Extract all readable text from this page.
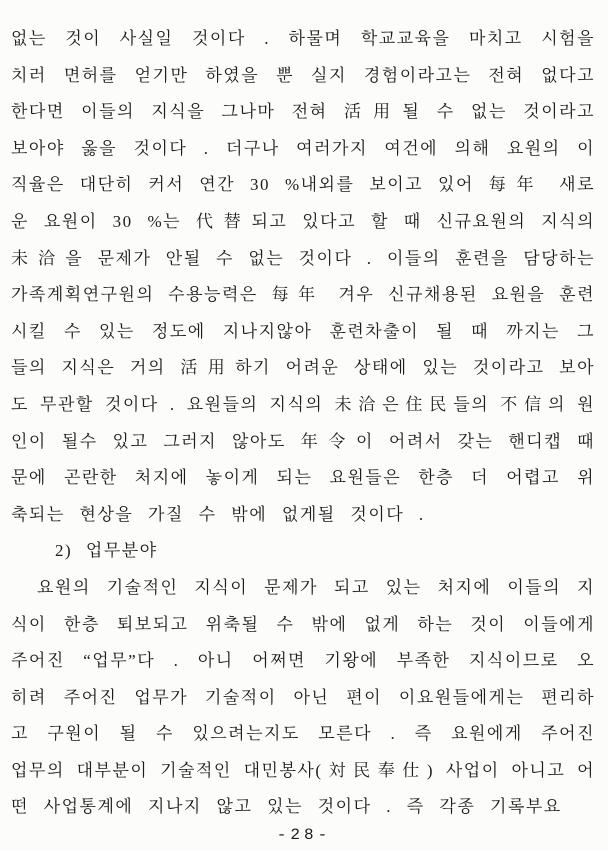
없는 것이 사실일 것이다 . 하물며 학교교육을 마치고 시험을
치러 면허를 얻기만 하였을 뿐 실지 경험이라고는 전혀 없다고
한다면 이들의 지식을 그나마 전혀 活用될 수 없는 것이라고
보아야 옳을 것이다 . 더구나 여러가지 여건에 의해 요원의 이
직율은 대단히 커서 연간 30 %내외를 보이고 있어 每年 새로
운 요원이 30 %는 代替되고 있다고 할 때 신규요원의 지식의
未洽을 문제가 안될 수 없는 것이다 . 이들의 훈련을 담당하는
가족계획연구원의 수용능력은 每年 겨우 신규채용된 요원을 훈련
시킬 수 있는 정도에 지나지않아 훈련차출이 될 때 까지는 그
들의 지식은 거의 活用하기 어려운 상태에 있는 것이라고 보아
도 무관할 것이다 . 요원들의 지식의 未洽은住民들의 不信의 원
인이 될수 있고 그러지 않아도 年令이 어려서 갖는 핸디캡 때
문에 곤란한 처지에 놓이게 되는 요원들은 한층 더 어렵고 위
축되는 현상을 가질 수 밖에 없게될 것이다 .
2) 업무분야
요원의 기술적인 지식이 문제가 되고 있는 처지에 이들의 지
식이 한층 퇴보되고 위축될 수 밖에 없게 하는 것이 이들에게
주어진 “업무”다 . 아니 어쩌면 기왕에 부족한 지식이므로 오
히려 주어진 업무가 기술적이 아닌 편이 이요원들에게는 편리하
고 구원이 될 수 있으려는지도 모른다 . 즉 요원에게 주어진
업무의 대부분이 기술적인 대민봉사(対民奉仕) 사업이 아니고 어
떤 사업통계에 지나지 않고 있는 것이다 . 즉 각종 기록부요
-28-
